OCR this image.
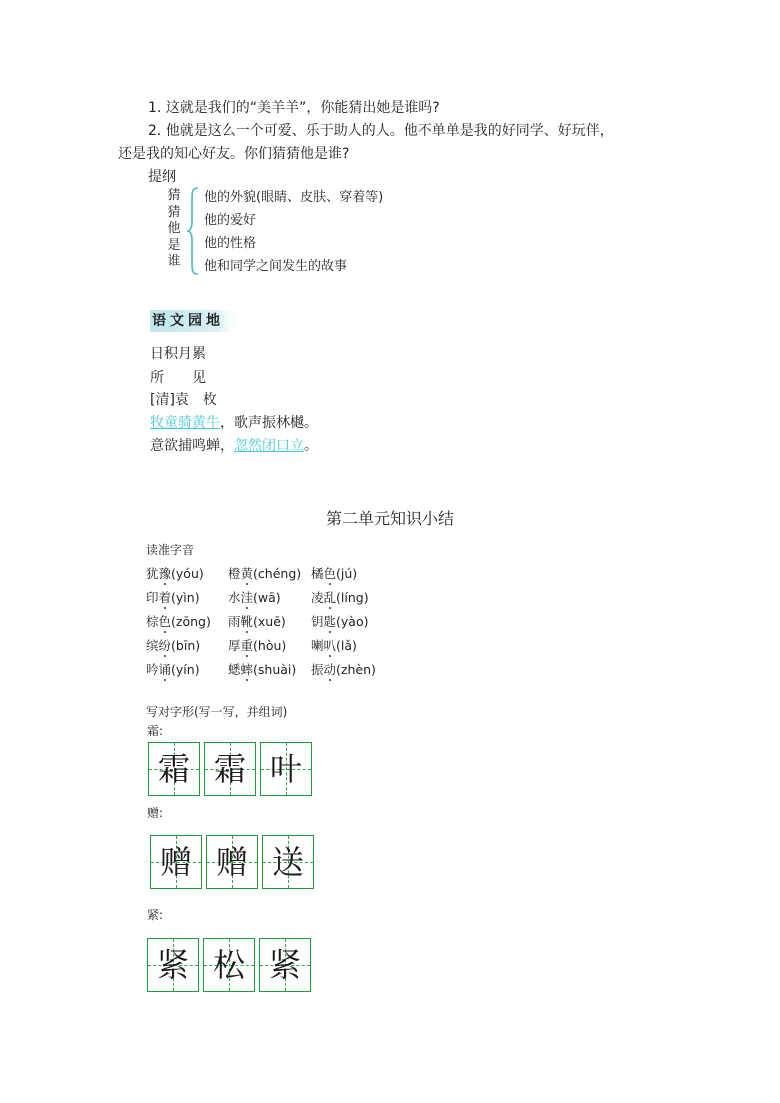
1. 这就是我们的“美羊羊”，你能猜出她是谁吗?
2. 他就是这么一个可爱、乐于助人的人。他不单单是我的好同学、好玩伴，
还是我的知心好友。你们猜猜他是谁?
提纲
猜
猜
他
是
谁
他的外貌(眼睛、皮肤、穿着等)
他的爱好
他的性格
他和同学之间发生的故事
语文园地
日积月累
所　　见
[清]袁　枚
牧童骑黄牛，歌声振林樾。
意欲捕鸣蝉，忽然闭口立。
第二单元知识小结
读准字音
犹豫(yóu) 橙黄(chéng) 橘色(jú)
印着(yìn) 水洼(wā) 凌乱(líng)
棕色(zōng) 雨靴(xuē) 钥匙(yào)
缤纷(bīn) 厚重(hòu) 喇叭(lǎ)
吟诵(yín) 蟋蟀(shuài) 振动(zhèn)
写对字形(写一写，并组词)
霜:
霜 霜 叶
赠:
赠 赠 送
紧:
紧 松 紧
